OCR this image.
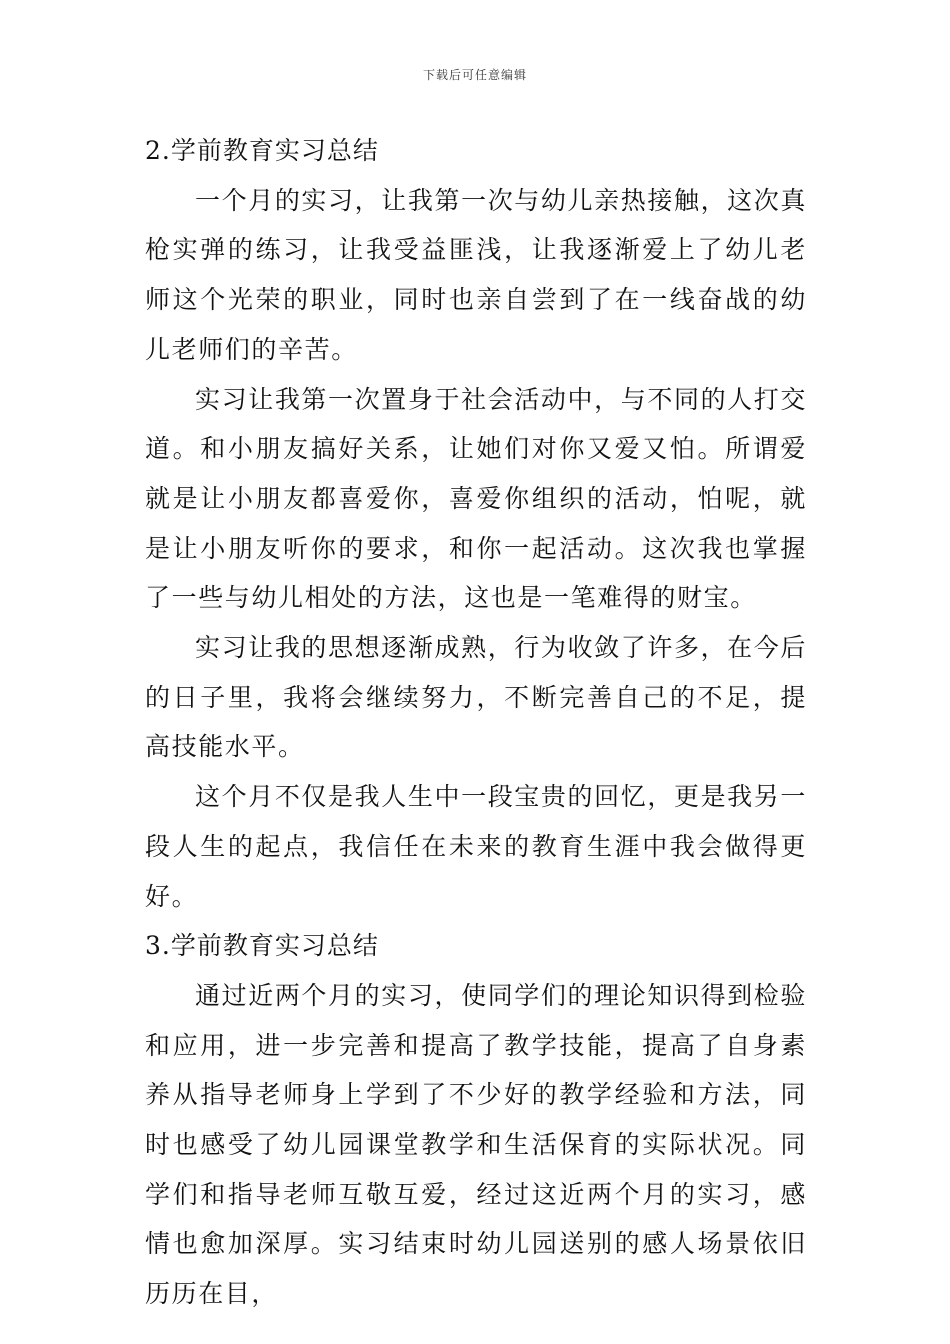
下载后可任意编辑

2.学前教育实习总结

一个月的实习，让我第一次与幼儿亲热接触，这次真枪实弹的练习，让我受益匪浅，让我逐渐爱上了幼儿老师这个光荣的职业，同时也亲自尝到了在一线奋战的幼儿老师们的辛苦。

实习让我第一次置身于社会活动中，与不同的人打交道。和小朋友搞好关系，让她们对你又爱又怕。所谓爱就是让小朋友都喜爱你，喜爱你组织的活动，怕呢，就是让小朋友听你的要求，和你一起活动。这次我也掌握了一些与幼儿相处的方法，这也是一笔难得的财宝。

实习让我的思想逐渐成熟，行为收敛了许多，在今后的日子里，我将会继续努力，不断完善自己的不足，提高技能水平。

这个月不仅是我人生中一段宝贵的回忆，更是我另一段人生的起点，我信任在未来的教育生涯中我会做得更好。

3.学前教育实习总结

通过近两个月的实习，使同学们的理论知识得到检验和应用，进一步完善和提高了教学技能，提高了自身素养从指导老师身上学到了不少好的教学经验和方法，同时也感受了幼儿园课堂教学和生活保育的实际状况。同学们和指导老师互敬互爱，经过这近两个月的实习，感情也愈加深厚。实习结束时幼儿园送别的感人场景依旧历历在目，
